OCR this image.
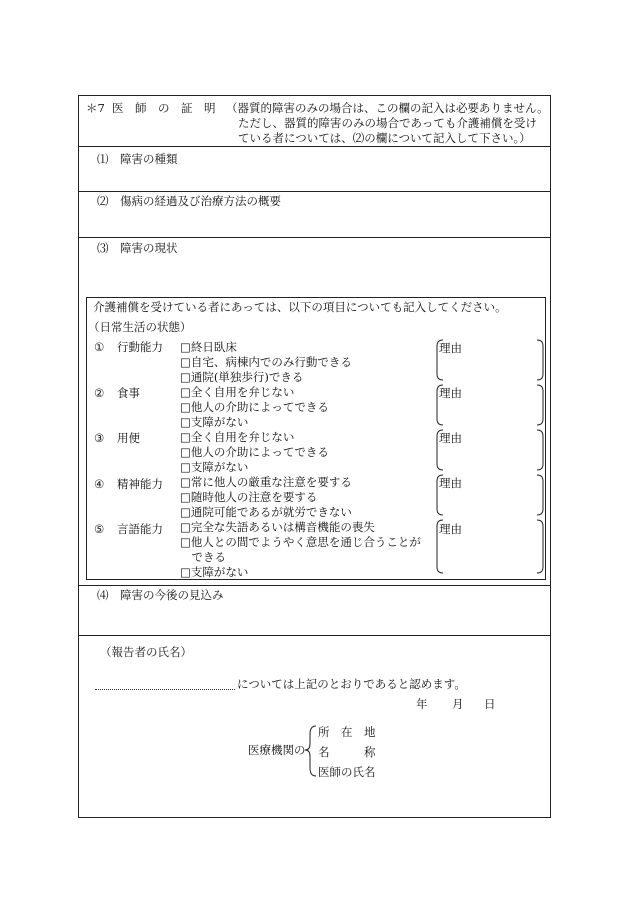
＊7 医　師　の　証　明 （器質的障害のみの場合は、この欄の記入は必要ありません。
ただし、器質的障害のみの場合であっても介護補償を受け
ている者については、⑵の欄について記入して下さい。）
⑴　障害の種類
⑵　傷病の経過及び治療方法の概要
⑶　障害の現状
介護補償を受けている者にあっては、以下の項目についても記入してください。
（日常生活の状態）
① 行動能力 □終日臥床
□自宅、病棟内でのみ行動できる
□通院(単独歩行)できる
理由
② 食事	□全く自用を弁じない
□他人の介助によってできる
□支障がない
理由
③ 用便	□全く自用を弁じない
□他人の介助によってできる
□支障がない
理由
④ 精神能力 □常に他人の厳重な注意を要する
□随時他人の注意を要する
□通院可能であるが就労できない
理由
⑤ 言語能力 □完全な失語あるいは構音機能の喪失
□他人との間でようやく意思を通じ合うことが
　できる
□支障がない
理由
⑷　障害の今後の見込み
（報告者の氏名）
については上記のとおりであると認めます。
年 月 日
医療機関の
所　在　地
名　　　称
医師の氏名
